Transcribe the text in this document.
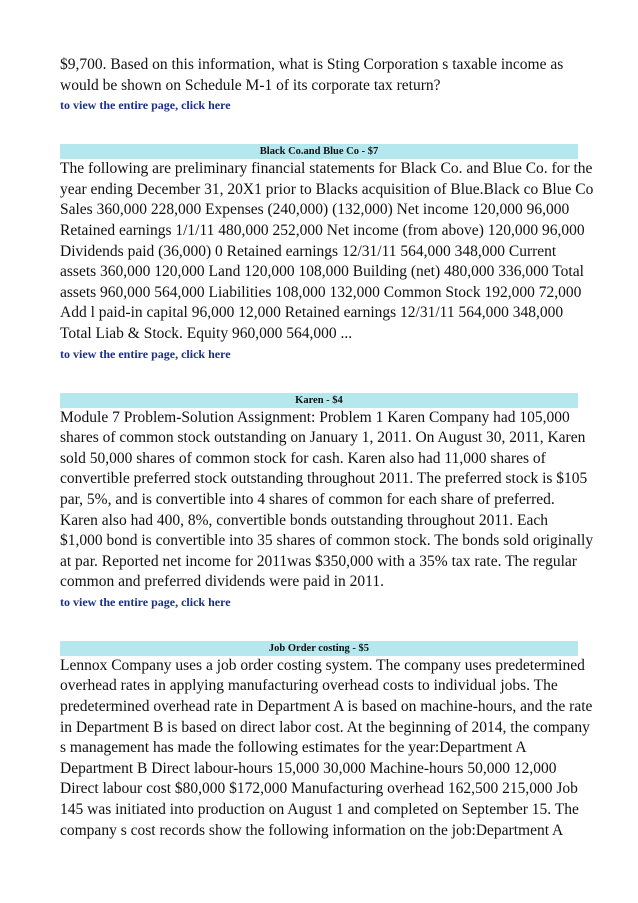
$9,700. Based on this information, what is Sting Corporation s taxable income as
would be shown on Schedule M-1 of its corporate tax return?

to view the entire page, click here
Black Co.and Blue Co - $7

The following are preliminary financial statements for Black Co. and Blue Co. for the
year ending December 31, 20X1 prior to Blacks acquisition of Blue.Black co Blue Co
Sales 360,000 228,000 Expenses (240,000) (132,000) Net income 120,000 96,000
Retained earnings 1/1/11 480,000 252,000 Net income (from above) 120,000 96,000
Dividends paid (36,000) 0 Retained earnings 12/31/11 564,000 348,000 Current
assets 360,000 120,000 Land 120,000 108,000 Building (net) 480,000 336,000 Total
assets 960,000 564,000 Liabilities 108,000 132,000 Common Stock 192,000 72,000
Add l paid-in capital 96,000 12,000 Retained earnings 12/31/11 564,000 348,000
Total Liab & Stock. Equity 960,000 564,000 ...

to view the entire page, click here
Karen - $4

Module 7 Problem-Solution Assignment: Problem 1 Karen Company had 105,000
shares of common stock outstanding on January 1, 2011. On August 30, 2011, Karen
sold 50,000 shares of common stock for cash. Karen also had 11,000 shares of
convertible preferred stock outstanding throughout 2011. The preferred stock is $105
par, 5%, and is convertible into 4 shares of common for each share of preferred.
Karen also had 400, 8%, convertible bonds outstanding throughout 2011. Each
$1,000 bond is convertible into 35 shares of common stock. The bonds sold originally
at par. Reported net income for 2011was $350,000 with a 35% tax rate. The regular
common and preferred dividends were paid in 2011.

to view the entire page, click here
Job Order costing - $5

Lennox Company uses a job order costing system. The company uses predetermined
overhead rates in applying manufacturing overhead costs to individual jobs. The
predetermined overhead rate in Department A is based on machine-hours, and the rate
in Department B is based on direct labor cost. At the beginning of 2014, the company
s management has made the following estimates for the year:Department A
Department B Direct labour-hours 15,000 30,000 Machine-hours 50,000 12,000
Direct labour cost $80,000 $172,000 Manufacturing overhead 162,500 215,000 Job
145 was initiated into production on August 1 and completed on September 15. The
company s cost records show the following information on the job:Department A
